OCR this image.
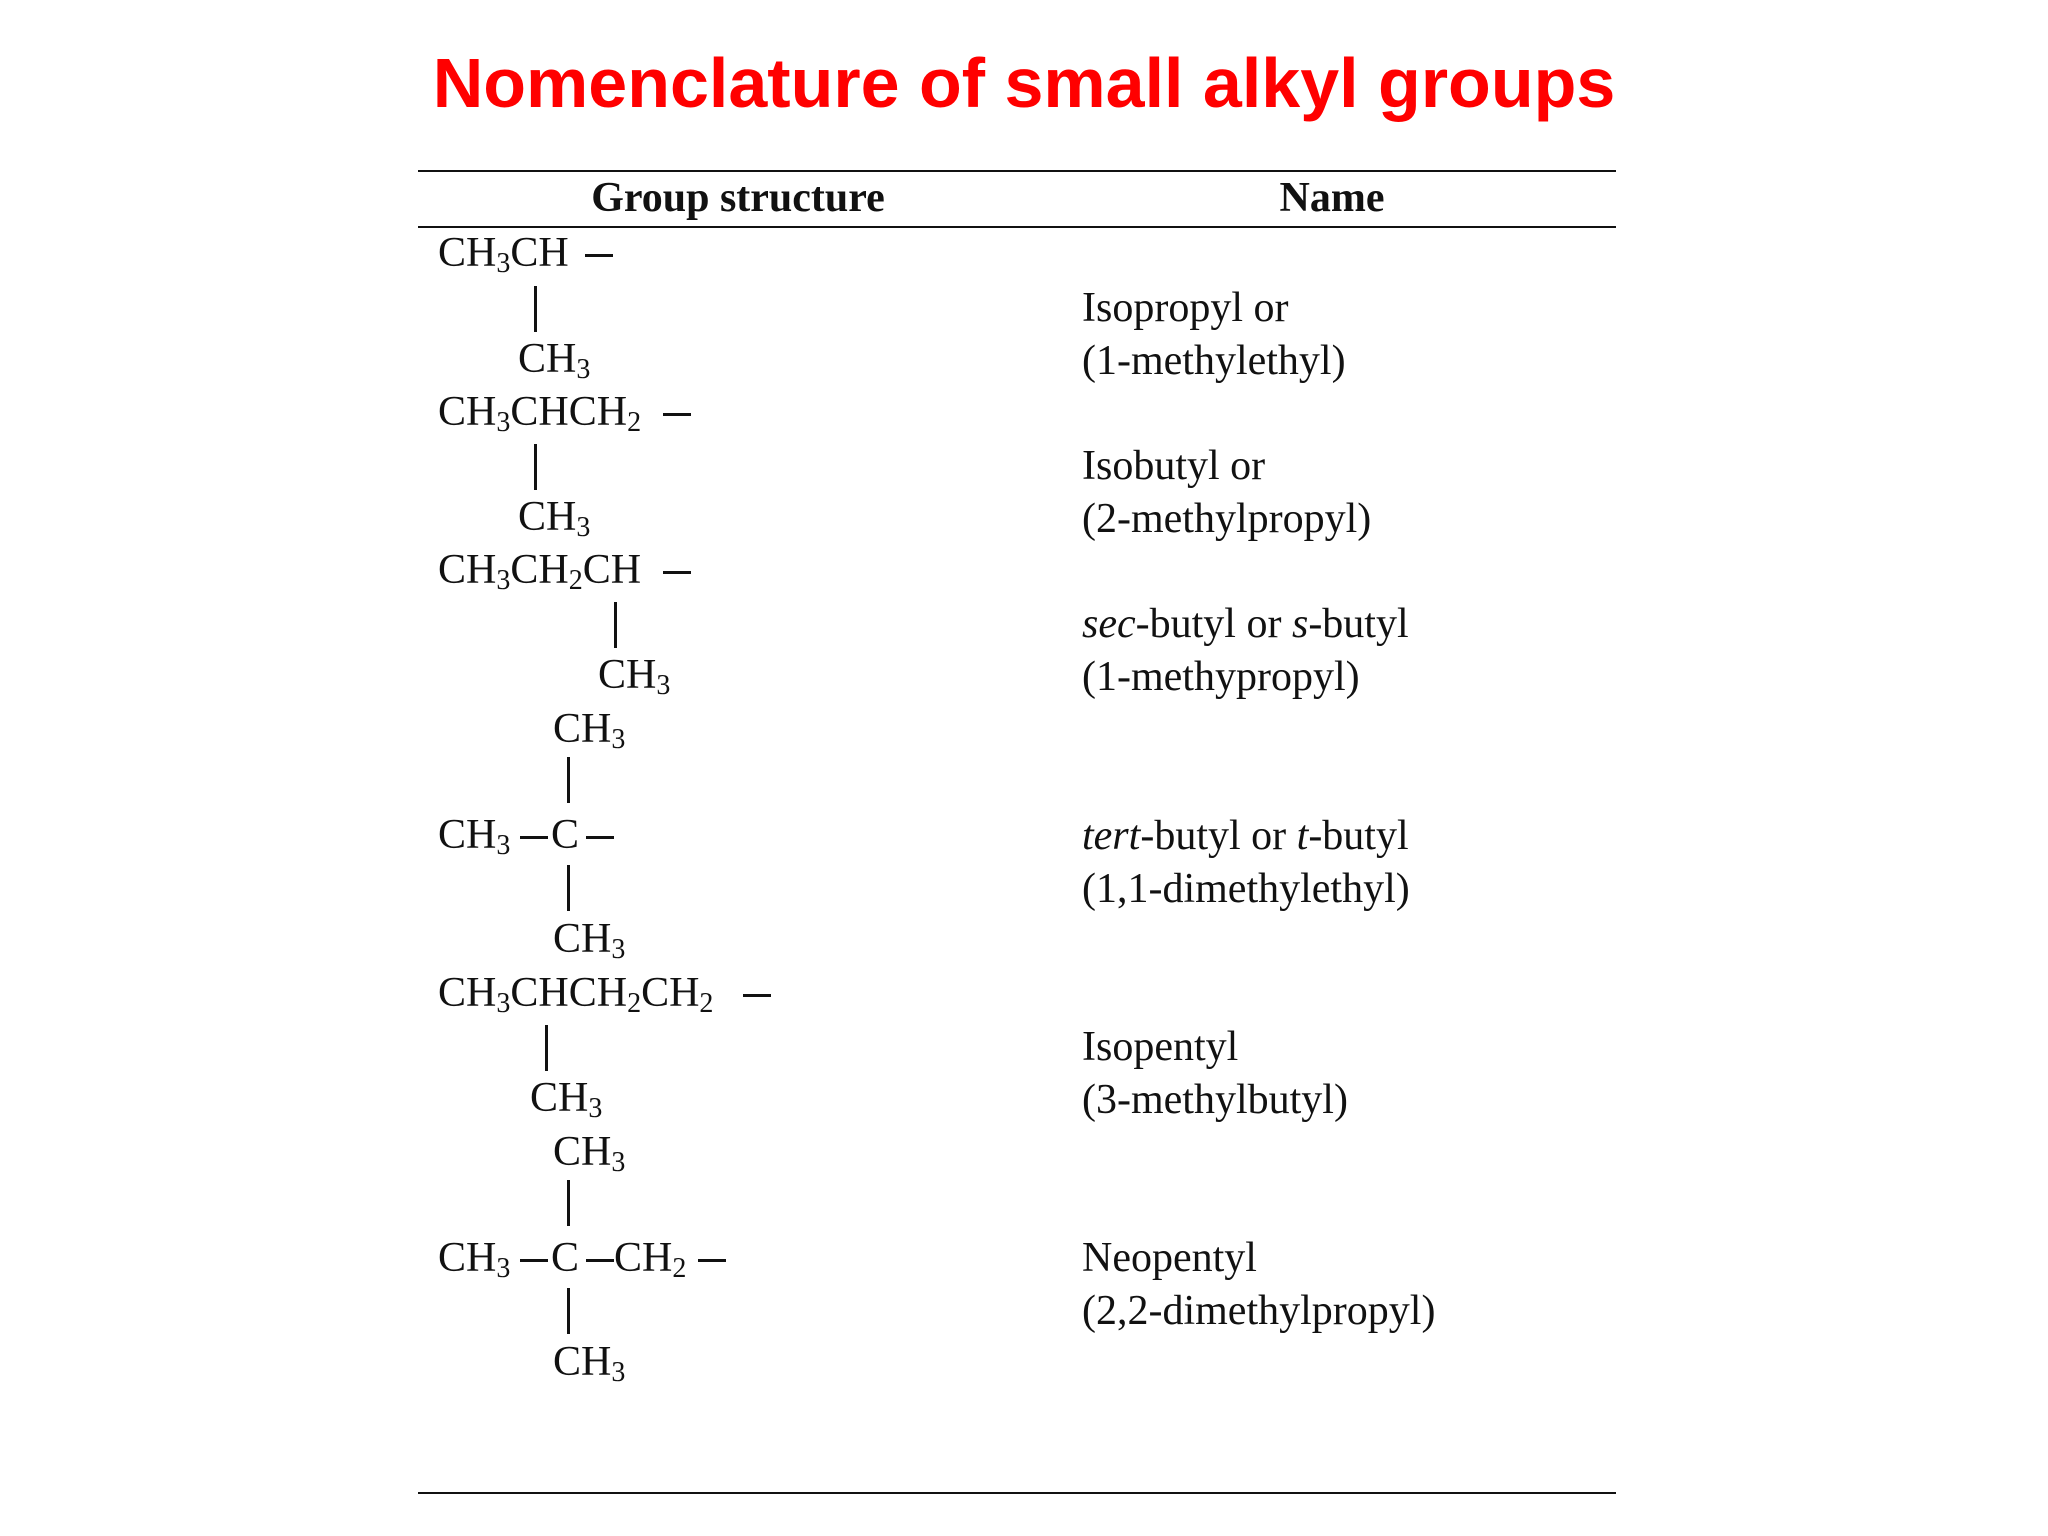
Nomenclature of small alkyl groups
Group structure	Name
$CH_3CH$
$CH_3$
Isopropyl or
(1-methylethyl)
$CH_3CHCH_2$
$CH_3$
Isobutyl or
(2-methylpropyl)
$CH_3CH_2CH$
$CH_3$
sec-butyl or s-butyl
(1-methypropyl)
$CH_3$
$CH_3$ C
$CH_3$
tert-butyl or t-butyl
(1,1-dimethylethyl)
$CH_3CHCH_2CH_2$
$CH_3$
Isopentyl
(3-methylbutyl)
$CH_3$
$CH_3$ C $CH_2$
$CH_3$
Neopentyl
(2,2-dimethylpropyl)
